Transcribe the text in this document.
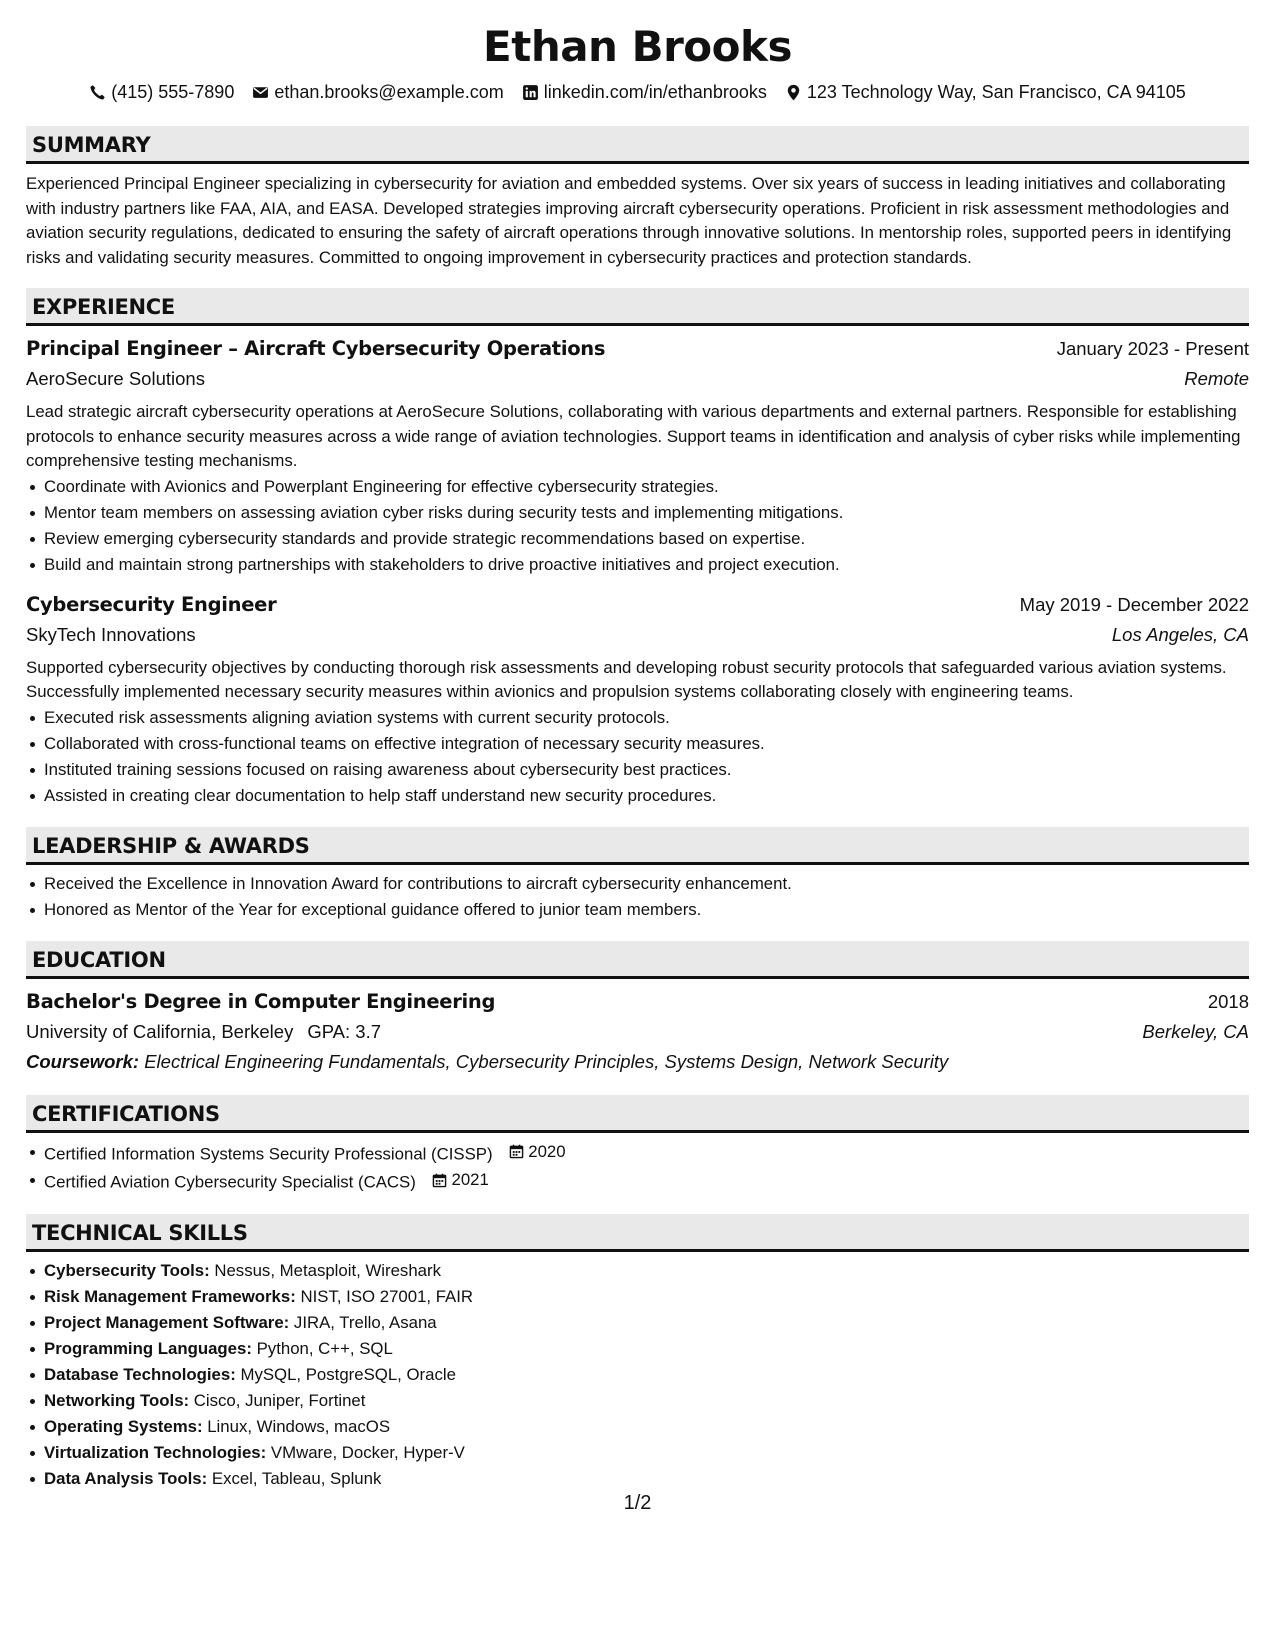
Ethan Brooks
(415) 555-7890 ethan.brooks@example.com linkedin.com/in/ethanbrooks 123 Technology Way, San Francisco, CA 94105
SUMMARY
Experienced Principal Engineer specializing in cybersecurity for aviation and embedded systems. Over six years of success in leading initiatives and collaborating with industry partners like FAA, AIA, and EASA. Developed strategies improving aircraft cybersecurity operations. Proficient in risk assessment methodologies and aviation security regulations, dedicated to ensuring the safety of aircraft operations through innovative solutions. In mentorship roles, supported peers in identifying risks and validating security measures. Committed to ongoing improvement in cybersecurity practices and protection standards.
EXPERIENCE
Principal Engineer – Aircraft Cybersecurity Operations	January 2023 - Present
AeroSecure Solutions	Remote
Lead strategic aircraft cybersecurity operations at AeroSecure Solutions, collaborating with various departments and external partners. Responsible for establishing protocols to enhance security measures across a wide range of aviation technologies. Support teams in identification and analysis of cyber risks while implementing comprehensive testing mechanisms.
Coordinate with Avionics and Powerplant Engineering for effective cybersecurity strategies.
Mentor team members on assessing aviation cyber risks during security tests and implementing mitigations.
Review emerging cybersecurity standards and provide strategic recommendations based on expertise.
Build and maintain strong partnerships with stakeholders to drive proactive initiatives and project execution.
Cybersecurity Engineer	May 2019 - December 2022
SkyTech Innovations	Los Angeles, CA
Supported cybersecurity objectives by conducting thorough risk assessments and developing robust security protocols that safeguarded various aviation systems. Successfully implemented necessary security measures within avionics and propulsion systems collaborating closely with engineering teams.
Executed risk assessments aligning aviation systems with current security protocols.
Collaborated with cross-functional teams on effective integration of necessary security measures.
Instituted training sessions focused on raising awareness about cybersecurity best practices.
Assisted in creating clear documentation to help staff understand new security procedures.
LEADERSHIP & AWARDS
Received the Excellence in Innovation Award for contributions to aircraft cybersecurity enhancement.
Honored as Mentor of the Year for exceptional guidance offered to junior team members.
EDUCATION
Bachelor's Degree in Computer Engineering	2018
University of California, Berkeley GPA: 3.7	Berkeley, CA
Coursework: Electrical Engineering Fundamentals, Cybersecurity Principles, Systems Design, Network Security
CERTIFICATIONS
Certified Information Systems Security Professional (CISSP) 2020
Certified Aviation Cybersecurity Specialist (CACS) 2021
TECHNICAL SKILLS
Cybersecurity Tools: Nessus, Metasploit, Wireshark
Risk Management Frameworks: NIST, ISO 27001, FAIR
Project Management Software: JIRA, Trello, Asana
Programming Languages: Python, C++, SQL
Database Technologies: MySQL, PostgreSQL, Oracle
Networking Tools: Cisco, Juniper, Fortinet
Operating Systems: Linux, Windows, macOS
Virtualization Technologies: VMware, Docker, Hyper-V
Data Analysis Tools: Excel, Tableau, Splunk
1/2
